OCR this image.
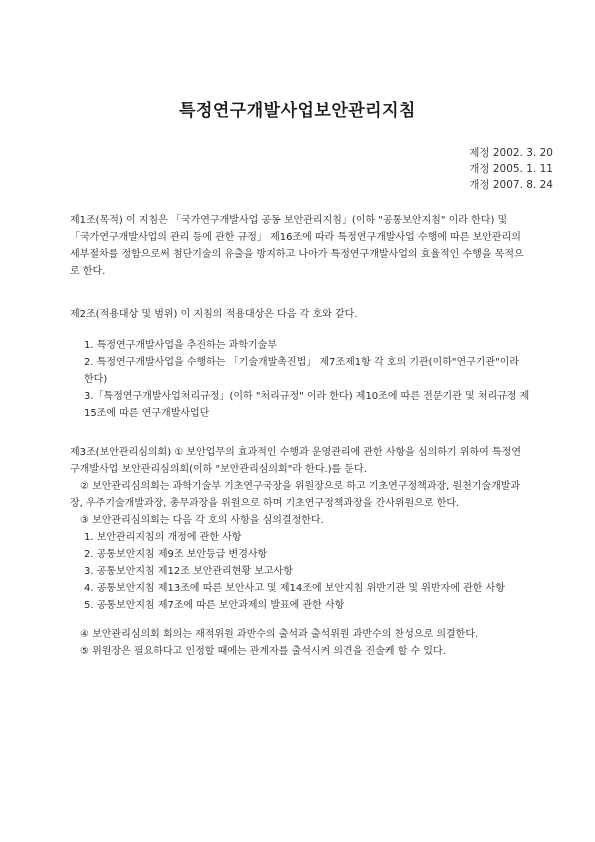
특정연구개발사업보안관리지침
제정 2002. 3. 20
개정 2005. 1. 11
개정 2007. 8. 24

제1조(목적) 이 지침은 「국가연구개발사업 공동 보안관리지침」(이하 "공통보안지침" 이라 한다) 및 「국가연구개발사업의 관리 등에 관한 규정」 제16조에 따라 특정연구개발사업 수행에 따른 보안관리의 세부절차를 정함으로써 첨단기술의 유출을 방지하고 나아가 특정연구개발사업의 효율적인 수행을 목적으로 한다.

제2조(적용대상 및 범위) 이 지침의 적용대상은 다음 각 호와 같다.

1. 특정연구개발사업을 추진하는 과학기술부

2. 특정연구개발사업을 수행하는 「기술개발촉진법」 제7조제1항 각 호의 기관(이하"연구기관"이라 한다)

3.「특정연구개발사업처리규정」(이하 "처리규정" 이라 한다) 제10조에 따른 전문기관 및 처리규정 제15조에 따른 연구개발사업단

제3조(보안관리심의회) ① 보안업무의 효과적인 수행과 운영관리에 관한 사항을 심의하기 위하여 특정연구개발사업 보안관리심의회(이하 "보안관리심의회"라 한다.)를 둔다.

② 보안관리심의회는 과학기술부 기초연구국장을 위원장으로 하고 기초연구정책과장, 원천기술개발과장, 우주기술개발과장, 총무과장을 위원으로 하며 기초연구정책과장을 간사위원으로 한다.

③ 보안관리심의회는 다음 각 호의 사항을 심의결정한다.

1. 보안관리지침의 개정에 관한 사항

2. 공통보안지침 제9조 보안등급 변경사항

3. 공통보안지침 제12조 보안관리현황 보고사항

4. 공통보안지침 제13조에 따른 보안사고 및 제14조에 보안지침 위반기관 및 위반자에 관한 사항

5. 공통보안지침 제7조에 따른 보안과제의 발표에 관한 사항

④ 보안관리심의회 회의는 재적위원 과반수의 출석과 출석위원 과반수의 찬성으로 의결한다.

⑤ 위원장은 필요하다고 인정할 때에는 관계자를 출석시켜 의견을 진술케 할 수 있다.
